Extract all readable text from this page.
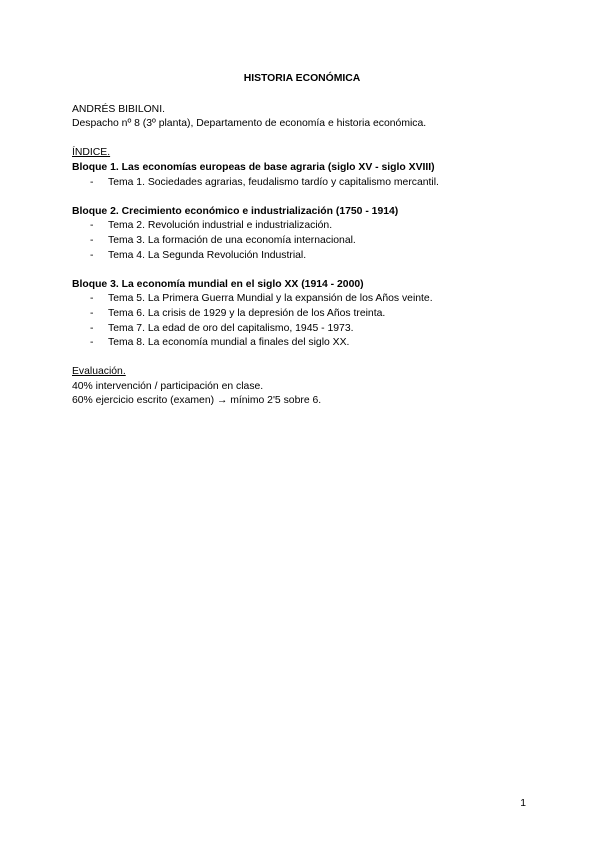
HISTORIA ECONÓMICA

ANDRÉS BIBILONI.

Despacho nº 8 (3º planta), Departamento de economía e historia económica.

ÍNDICE.

Bloque 1. Las economías europeas de base agraria (siglo XV - siglo XVIII)

- Tema 1. Sociedades agrarias, feudalismo tardío y capitalismo mercantil.

Bloque 2. Crecimiento económico e industrialización (1750 - 1914)

- Tema 2. Revolución industrial e industrialización.
- Tema 3. La formación de una economía internacional.
- Tema 4. La Segunda Revolución Industrial.

Bloque 3. La economía mundial en el siglo XX (1914 - 2000)

- Tema 5. La Primera Guerra Mundial y la expansión de los Años veinte.
- Tema 6. La crisis de 1929 y la depresión de los Años treinta.
- Tema 7. La edad de oro del capitalismo, 1945 - 1973.
- Tema 8. La economía mundial a finales del siglo XX.

Evaluación.

40% intervención / participación en clase.

60% ejercicio escrito (examen) → mínimo 2'5 sobre 6.

1
